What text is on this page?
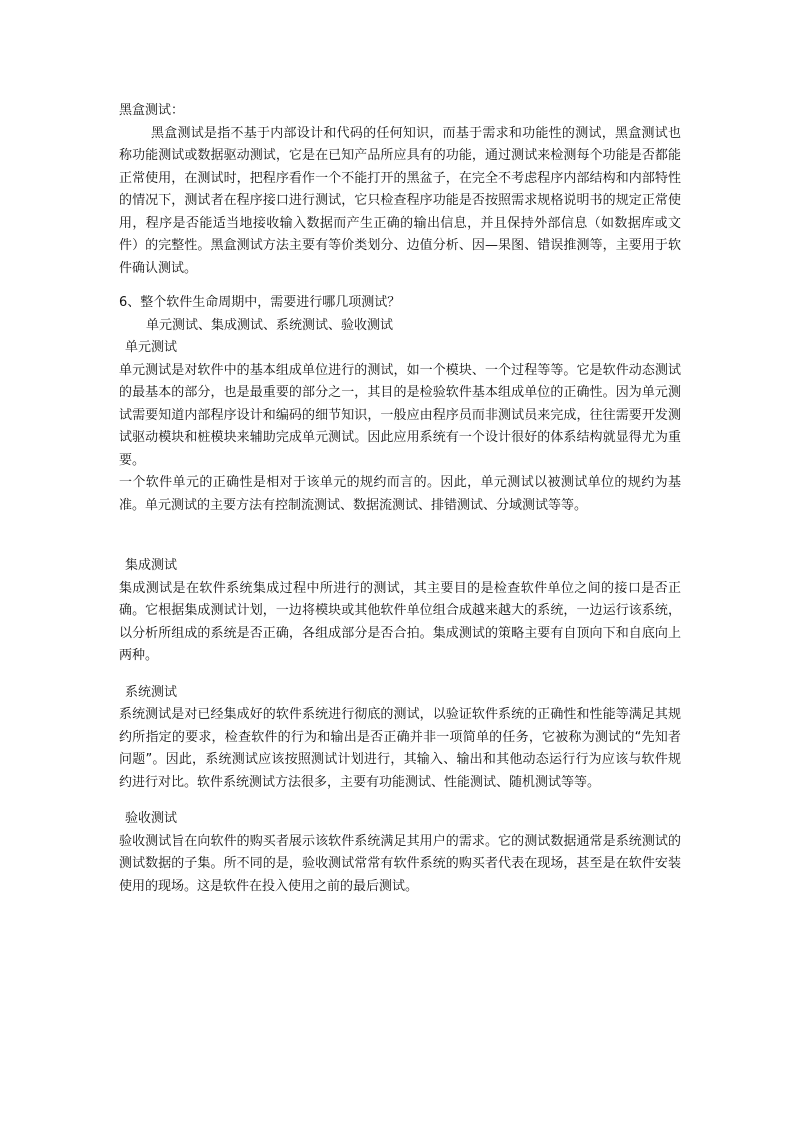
黑盒测试：

黑盒测试是指不基于内部设计和代码的任何知识，而基于需求和功能性的测试，黑盒测试也称功能测试或数据驱动测试，它是在已知产品所应具有的功能，通过测试来检测每个功能是否都能正常使用，在测试时，把程序看作一个不能打开的黑盆子，在完全不考虑程序内部结构和内部特性的情况下，测试者在程序接口进行测试，它只检查程序功能是否按照需求规格说明书的规定正常使用，程序是否能适当地接收输入数据而产生正确的输出信息，并且保持外部信息（如数据库或文件）的完整性。黑盒测试方法主要有等价类划分、边值分析、因—果图、错误推测等，主要用于软件确认测试。

6、整个软件生命周期中，需要进行哪几项测试？

单元测试、集成测试、系统测试、验收测试

单元测试

单元测试是对软件中的基本组成单位进行的测试，如一个模块、一个过程等等。它是软件动态测试的最基本的部分，也是最重要的部分之一，其目的是检验软件基本组成单位的正确性。因为单元测试需要知道内部程序设计和编码的细节知识，一般应由程序员而非测试员来完成，往往需要开发测试驱动模块和桩模块来辅助完成单元测试。因此应用系统有一个设计很好的体系结构就显得尤为重要。

一个软件单元的正确性是相对于该单元的规约而言的。因此，单元测试以被测试单位的规约为基准。单元测试的主要方法有控制流测试、数据流测试、排错测试、分域测试等等。

集成测试

集成测试是在软件系统集成过程中所进行的测试，其主要目的是检查软件单位之间的接口是否正确。它根据集成测试计划，一边将模块或其他软件单位组合成越来越大的系统，一边运行该系统，以分析所组成的系统是否正确，各组成部分是否合拍。集成测试的策略主要有自顶向下和自底向上两种。

系统测试

系统测试是对已经集成好的软件系统进行彻底的测试，以验证软件系统的正确性和性能等满足其规约所指定的要求，检查软件的行为和输出是否正确并非一项简单的任务，它被称为测试的“先知者问题”。因此，系统测试应该按照测试计划进行，其输入、输出和其他动态运行行为应该与软件规约进行对比。软件系统测试方法很多，主要有功能测试、性能测试、随机测试等等。

验收测试

验收测试旨在向软件的购买者展示该软件系统满足其用户的需求。它的测试数据通常是系统测试的测试数据的子集。所不同的是，验收测试常常有软件系统的购买者代表在现场，甚至是在软件安装使用的现场。这是软件在投入使用之前的最后测试。
